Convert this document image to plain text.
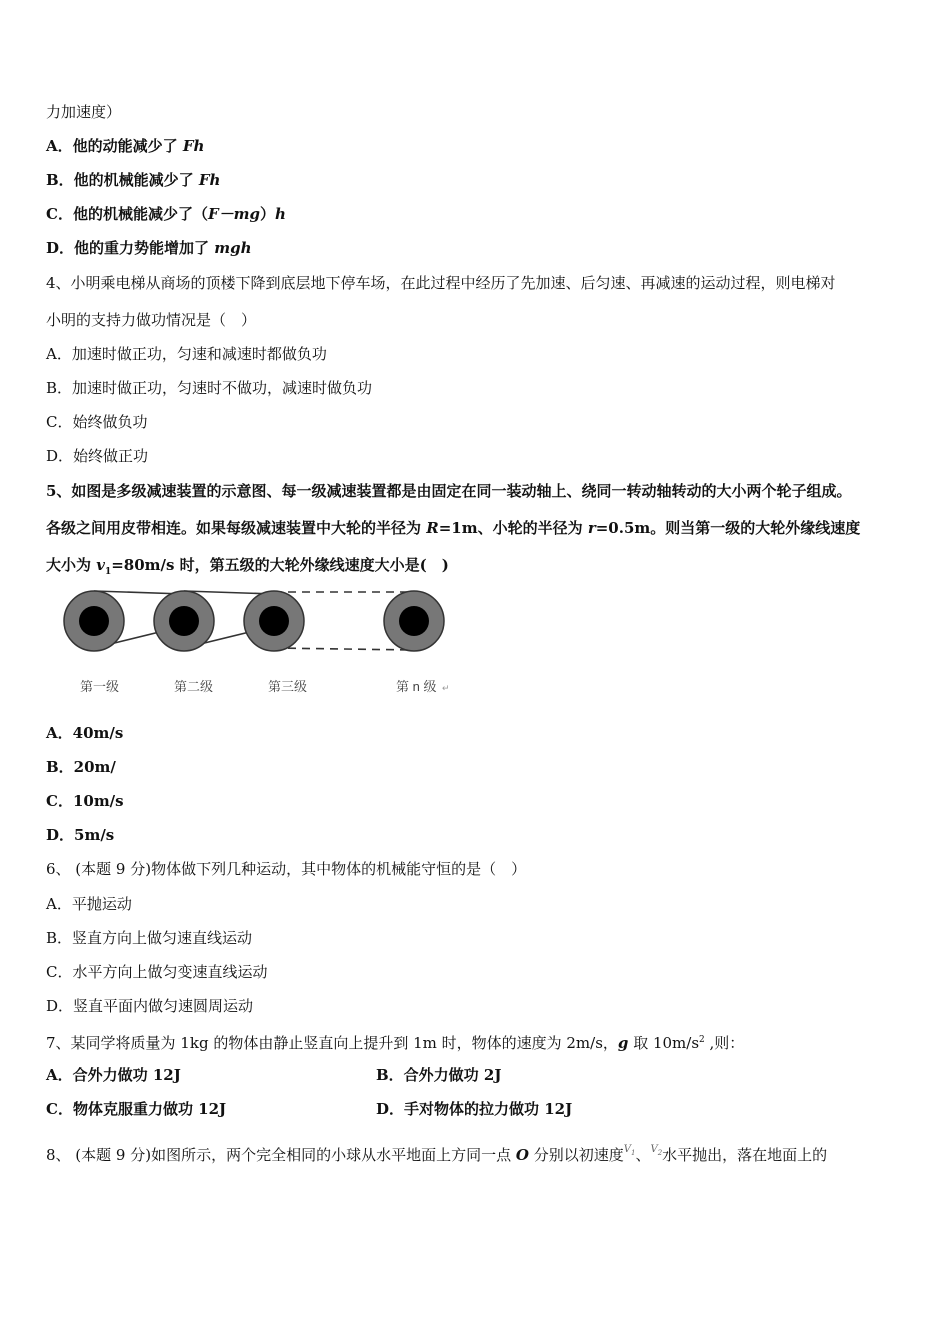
力加速度）
A．他的动能减少了 Fh
B．他的机械能减少了 Fh
C．他的机械能减少了（F－mg）h
D．他的重力势能增加了 mgh
4、小明乘电梯从商场的顶楼下降到底层地下停车场，在此过程中经历了先加速、后匀速、再减速的运动过程，则电梯对
小明的支持力做功情况是（　）
A．加速时做正功，匀速和减速时都做负功
B．加速时做正功，匀速时不做功，减速时做负功
C．始终做负功
D．始终做正功
5、如图是多级减速装置的示意图、每一级减速装置都是由固定在同一装动轴上、绕同一转动轴转动的大小两个轮子组成。
各级之间用皮带相连。如果每级减速装置中大轮的半径为 R=1m、小轮的半径为 r=0.5m。则当第一级的大轮外缘线速度
大小为 $v_1=80m/s$ 时，第五级的大轮外缘线速度大小是(　)
第一级	第二级	第三级	第 n 级 ↵
A．40m/s
B．20m/
C．10m/s
D．5m/s
6、 (本题 9 分)物体做下列几种运动，其中物体的机械能守恒的是（　）
A．平抛运动
B．竖直方向上做匀速直线运动
C．水平方向上做匀变速直线运动
D．竖直平面内做匀速圆周运动
7、某同学将质量为 1kg 的物体由静止竖直向上提升到 1m 时，物体的速度为 2m/s，g 取 $10m/s^2$ ,则：
A．合外力做功 12J	B．合外力做功 2J
C．物体克服重力做功 12J	D．手对物体的拉力做功 12J
8、 (本题 9 分)如图所示，两个完全相同的小球从水平地面上方同一点 O 分别以初速度$^{V_1}$、$^{V_2}$水平抛出，落在地面上的
